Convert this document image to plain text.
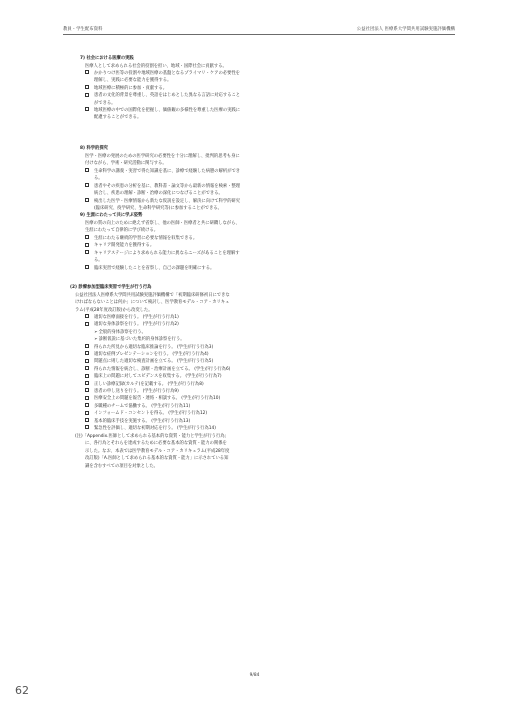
教員・学生配布資料	公益社団法人 医療系大学間共用試験実施評価機構
7) 社会における医療の実践
医療人として求められる社会的役割を担い、地域・国際社会に貢献する。
かかりつけ医等の役割や地域医療の基盤となるプライマリ・ケアの必要性を
理解し、実践に必要な能力を獲得する。
地域医療に積極的に参加・貢献する。
患者の文化的背景を尊重し、英語をはじめとした異なる言語に対応すること
ができる。
地域医療の中での国際化を把握し、価値観の多様性を尊重した医療の実践に
配慮することができる。
8) 科学的探究
医学・医療の発展のための医学研究の必要性を十分に理解し、批判的思考も身に
付けながら、学術・研究活動に関与する。
生命科学の講義・実習で得た知識を基に、診療で経験した病態の解析ができ
る。
患者やその疾患の分析を基に、教科書・論文等から最新の情報を検索・整理
統合し、疾患の理解・診断・治療の深化につなげることができる。
検出した医学・医療情報から新たな仮説を設定し、解決に向けて科学的研究
(臨床研究、疫学研究、生命科学研究等)に参加することができる。
9) 生涯にわたって共に学ぶ姿勢
医療の質の向上のために絶えず省察し、他の医師・医療者と共に研鑽しながら、
生涯にわたって自律的に学び続ける。
生涯にわたる継続的学習に必要な情報を収集できる。
キャリア開発能力を獲得する。
キャリアステージにより求められる能力に異なるニーズがあることを理解す
る。
臨床実習で経験したことを省察し、自己の課題を明確にする。
(2) 診療参加型臨床実習で学生が行う行為
公益社団法人医療系大学間共用試験実施評価機構で「初期臨床研修初日にできな
ければならないことは何か」について検討し、医学教育モデル・コア・カリキュ
ラム(平成28年度改訂版)から改変した。
適切な医療面接を行う。 (学生が行う行為1)
適切な身体診察を行う。 (学生が行う行為2)
➢全般的身体診察を行う。
➢診断仮説に基づいた集約的身体診察を行う。
得られた所見から適切な臨床推論を行う。 (学生が行う行為3)
適切な症例プレゼンテーションを行う。 (学生が行う行為4)
問題点に則した適切な検査計画を立てる。 (学生が行う行為5)
得られた情報を統合し、診断・治療計画を立てる。 (学生が行う行為6)
臨床上の問題に対してエビデンスを収集する。 (学生が行う行為7)
正しい診療記録(カルテ)を記載する。 (学生が行う行為8)
患者の申し送りを行う。 (学生が行う行為9)
医療安全上の問題を報告・連絡・相談する。 (学生が行う行為10)
多職種のチームで協働する。 (学生が行う行為11)
インフォームド・コンセントを得る。 (学生が行う行為12)
基本的臨床手技を実施する。 (学生が行う行為13)
緊急性を評価し、適切な初期対応を行う。 (学生が行う行為14)
(注)「Appendix.医師として求められる基本的な資質・能力と学生が行う行為」
に、各行為とそれらを達成するために必要な基本的な資質・能力の関係を
示した。なお、本表では医学教育モデル・コア・カリキュラム(平成28年度
改訂版)「A.医師として求められる基本的な資質・能力」に示されている知
識を含むすべての項目を対象とした。
9/84
62
